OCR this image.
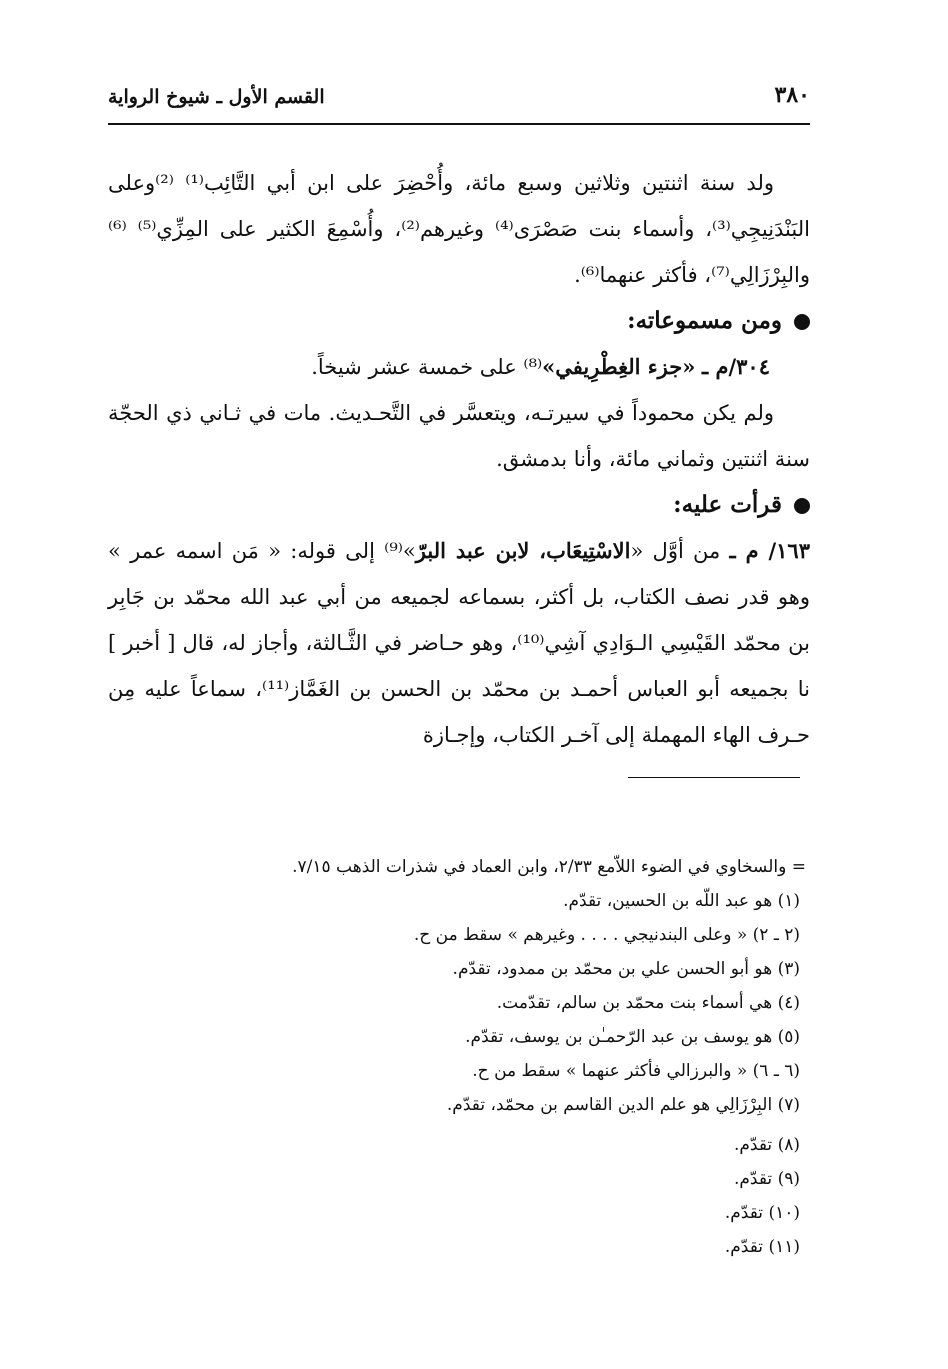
٣٨٠
القسم الأول ـ شيوخ الرواية

ولد سنة اثنتين وثلاثين وسبع مائة، وأُحْضِرَ على ابن أبي التَّائِب⁽¹⁾ ⁽²⁾وعلى البَنْدَنِيجِي⁽³⁾، وأسماء بنت صَصْرَى⁽⁴⁾ وغيرهم⁽²⁾، وأُسْمِعَ الكثير على المِزِّي⁽⁵⁾ ⁽⁶⁾والبِرْزَالِي⁽⁷⁾، فأكثر عنهما⁽⁶⁾.

ومن مسموعاته:

٣٠٤/م ـ «جزء الغِطْرِيفي»⁽⁸⁾ على خمسة عشر شيخاً.

ولم يكن محموداً في سيرتـه، ويتعسَّر في التَّحـديث. مات في ثـاني ذي الحجّة سنة اثنتين وثماني مائة، وأنا بدمشق.

قرأت عليه:

١٦٣/ م ـ من أوَّل «الاسْتِيعَاب، لابن عبد البرّ»⁽⁹⁾ إلى قوله: « مَن اسمه عمر » وهو قدر نصف الكتاب، بل أكثر، بسماعه لجميعه من أبي عبد الله محمّد بن جَابِر بن محمّد القَيْسِي الـوَادِي آشِي⁽¹⁰⁾، وهو حـاضر في الثَّـالثة، وأجاز له، قال [ أخبر ] نا بجميعه أبو العباس أحمـد بن محمّد بن الحسن بن الغَمَّاز⁽¹¹⁾، سماعاً عليه مِن حـرف الهاء المهملة إلى آخـر الكتاب، وإجـازة

= والسخاوي في الضوء اللاّمع ٢/٣٣، وابن العماد في شذرات الذهب ٧/١٥.
(١) هو عبد اللّه بن الحسين، تقدّم.
(٢ ـ ٢) « وعلى البندنيجي . . . . وغيرهم » سقط من ح.
(٣) هو أبو الحسن علي بن محمّد بن ممدود، تقدّم.
(٤) هي أسماء بنت محمّد بن سالم، تقدّمت.
(٥) هو يوسف بن عبد الرّحمـٰن بن يوسف، تقدّم.
(٦ ـ ٦) « والبرزالي فأكثر عنهما » سقط من ح.
(٧) البِرْزَالِي هو علم الدين القاسم بن محمّد، تقدّم.
(٨) تقدّم.
(٩) تقدّم.
(١٠) تقدّم.
(١١) تقدّم.
